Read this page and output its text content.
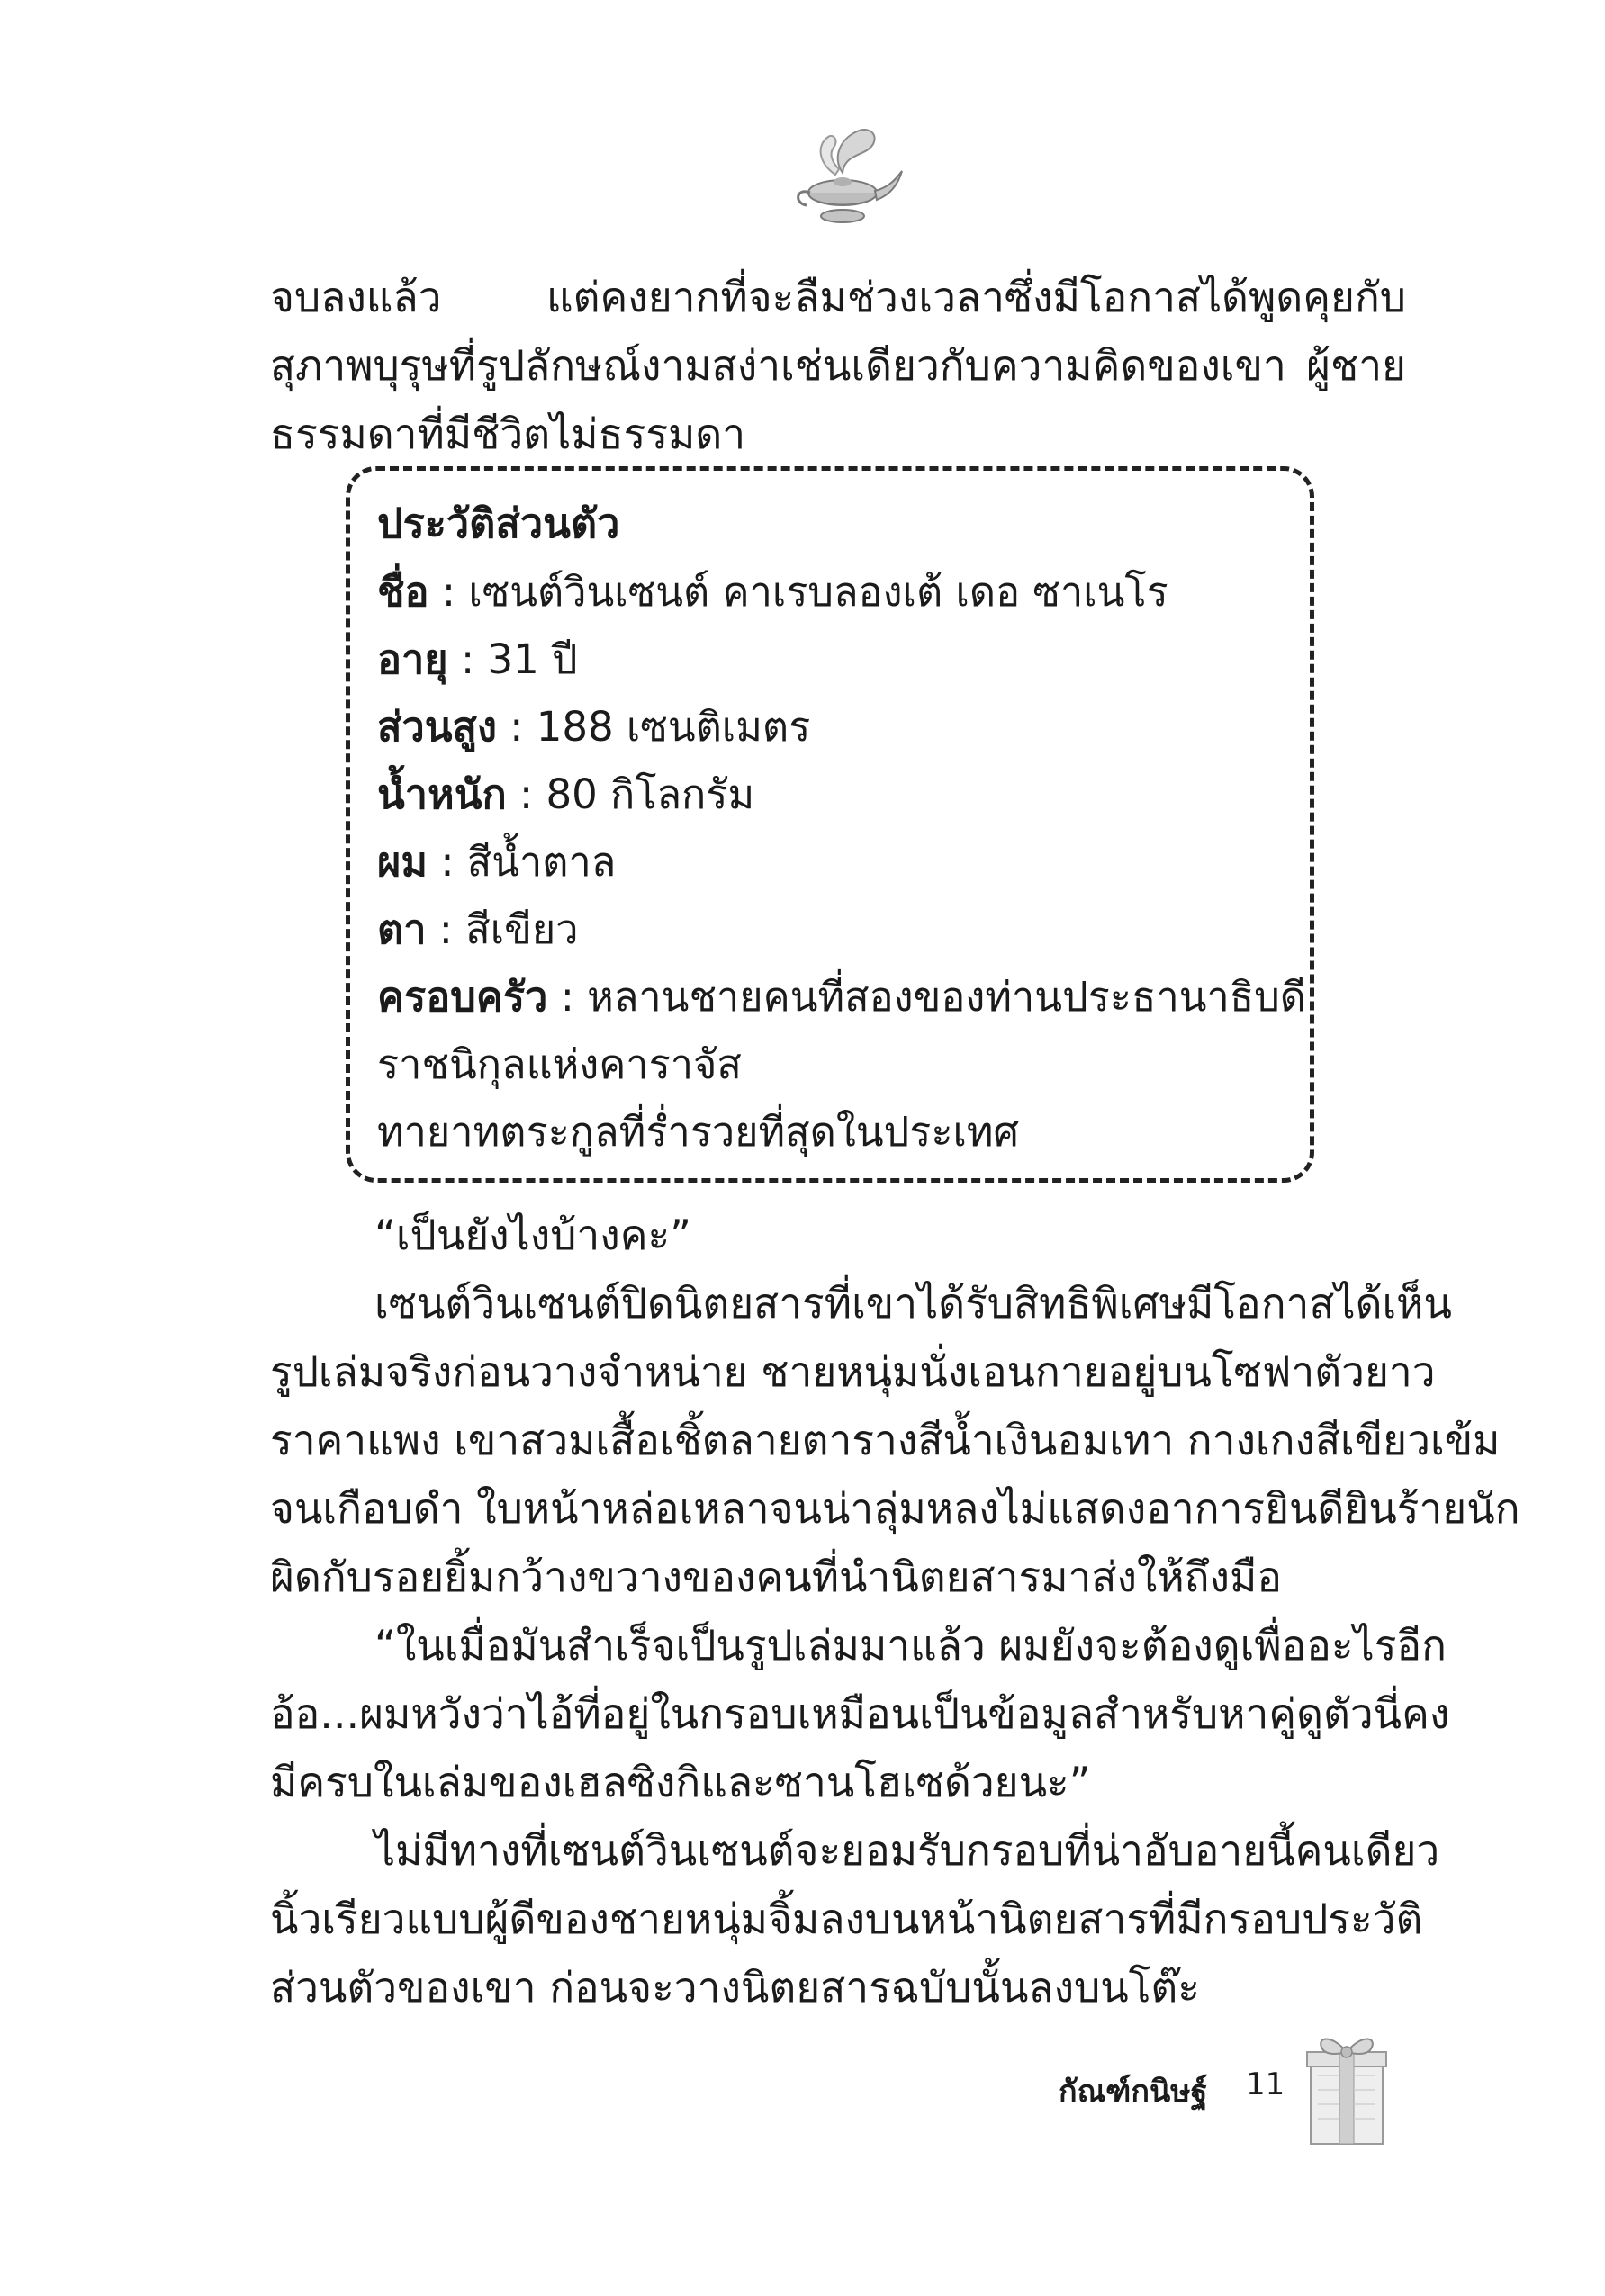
จบลงแล้ว แต่คงยากที่จะลืมช่วงเวลาซึ่งมีโอกาสได้พูดคุยกับสุภาพบุรุษที่รูปลักษณ์งามสง่าเช่นเดียวกับความคิดของเขา ผู้ชายธรรมดาที่มีชีวิตไม่ธรรมดา

ประวัติส่วนตัว
ชื่อ : เซนต์วินเซนต์ คาเรบลองเต้ เดอ ซาเนโร
อายุ : 31 ปี
ส่วนสูง : 188 เซนติเมตร
น้ำหนัก : 80 กิโลกรัม
ผม : สีน้ำตาล
ตา : สีเขียว
ครอบครัว : หลานชายคนที่สองของท่านประธานาธิบดี
ราชนิกุลแห่งคาราจัส
ทายาทตระกูลที่ร่ำรวยที่สุดในประเทศ
“เป็นยังไงบ้างคะ”
เซนต์วินเซนต์ปิดนิตยสารที่เขาได้รับสิทธิพิเศษมีโอกาสได้เห็น
รูปเล่มจริงก่อนวางจำหน่าย ชายหนุ่มนั่งเอนกายอยู่บนโซฟาตัวยาว
ราคาแพง เขาสวมเสื้อเชิ้ตลายตารางสีน้ำเงินอมเทา กางเกงสีเขียวเข้ม
จนเกือบดำ ใบหน้าหล่อเหลาจนน่าลุ่มหลงไม่แสดงอาการยินดียินร้ายนัก
ผิดกับรอยยิ้มกว้างขวางของคนที่นำนิตยสารมาส่งให้ถึงมือ
“ในเมื่อมันสำเร็จเป็นรูปเล่มมาแล้ว ผมยังจะต้องดูเพื่ออะไรอีก
อ้อ...ผมหวังว่าไอ้ที่อยู่ในกรอบเหมือนเป็นข้อมูลสำหรับหาคู่ดูตัวนี่คง
มีครบในเล่มของเฮลซิงกิและซานโฮเซด้วยนะ”
ไม่มีทางที่เซนต์วินเซนต์จะยอมรับกรอบที่น่าอับอายนี้คนเดียว
นิ้วเรียวแบบผู้ดีของชายหนุ่มจิ้มลงบนหน้านิตยสารที่มีกรอบประวัติ
ส่วนตัวของเขา ก่อนจะวางนิตยสารฉบับนั้นลงบนโต๊ะ
กัณฑ์กนิษฐ์ 11
